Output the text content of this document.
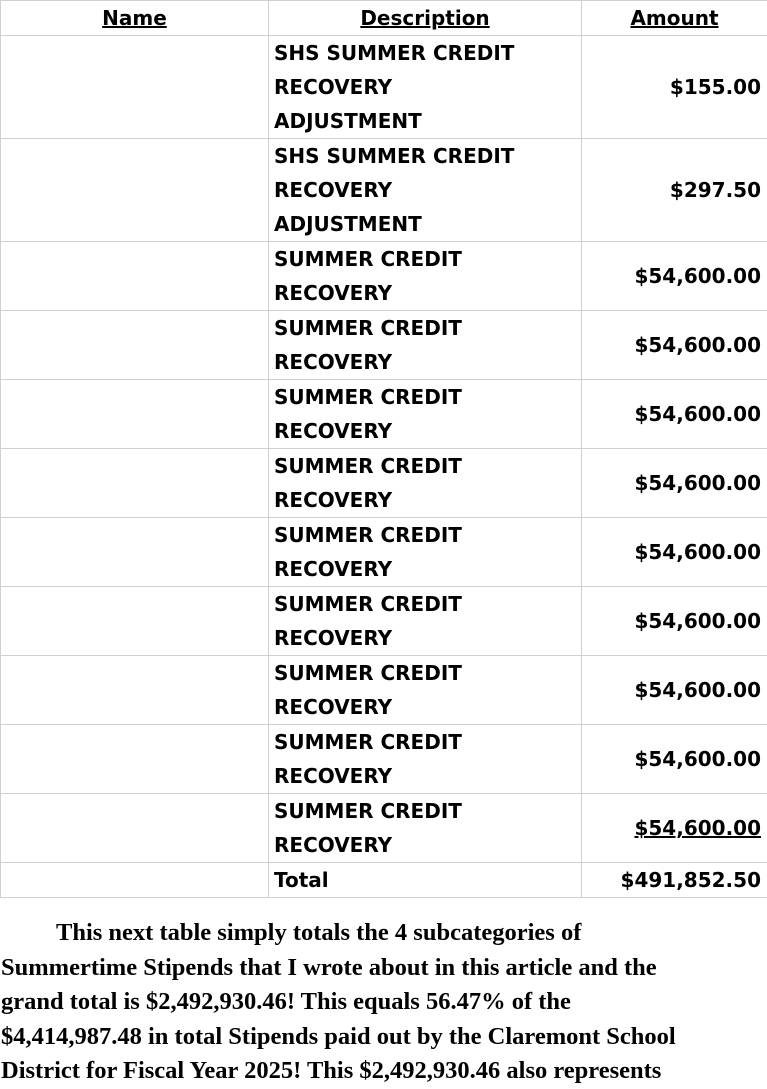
Name	Description	Amount

	SHS SUMMER CREDIT
RECOVERY
ADJUSTMENT	$155.00

	SHS SUMMER CREDIT
RECOVERY
ADJUSTMENT	$297.50

	SUMMER CREDIT
RECOVERY	$54,600.00

	SUMMER CREDIT
RECOVERY	$54,600.00

	SUMMER CREDIT
RECOVERY	$54,600.00

	SUMMER CREDIT
RECOVERY	$54,600.00

	SUMMER CREDIT
RECOVERY	$54,600.00

	SUMMER CREDIT
RECOVERY	$54,600.00

	SUMMER CREDIT
RECOVERY	$54,600.00

	SUMMER CREDIT
RECOVERY	$54,600.00

	SUMMER CREDIT
RECOVERY	$54,600.00
	Total	$491,852.50
This next table simply totals the 4 subcategories of
Summertime Stipends that I wrote about in this article and the
grand total is $2,492,930.46! This equals 56.47% of the
$4,414,987.48 in total Stipends paid out by the Claremont School
District for Fiscal Year 2025! This $2,492,930.46 also represents
